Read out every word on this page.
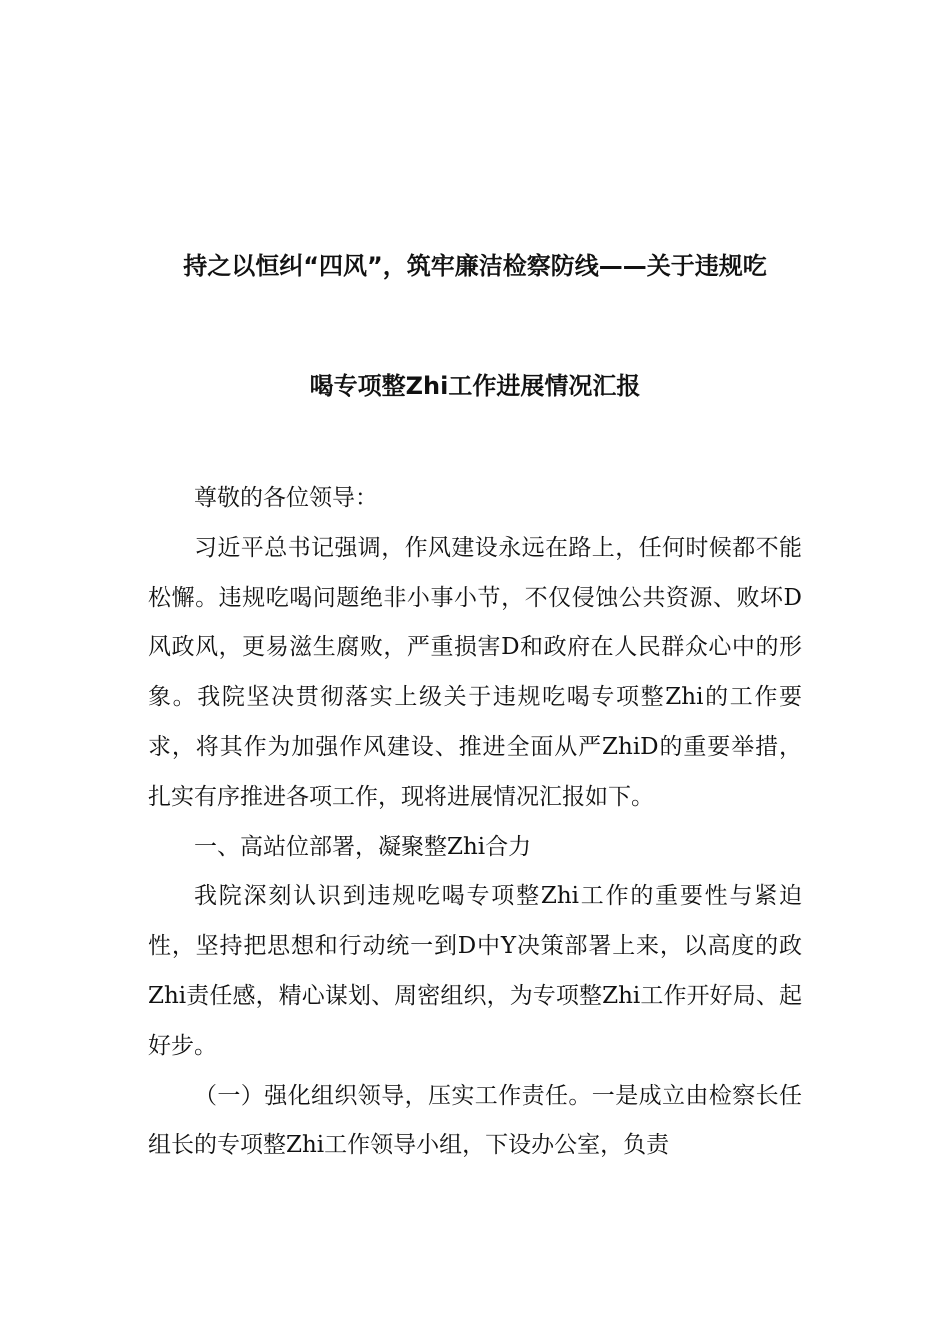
持之以恒纠“四风”，筑牢廉洁检察防线——关于违规吃
喝专项整Zhi工作进展情况汇报

尊敬的各位领导：

习近平总书记强调，作风建设永远在路上，任何时候都不能松懈。违规吃喝问题绝非小事小节，不仅侵蚀公共资源、败坏D风政风，更易滋生腐败，严重损害D和政府在人民群众心中的形象。我院坚决贯彻落实上级关于违规吃喝专项整Zhi的工作要求，将其作为加强作风建设、推进全面从严ZhiD的重要举措，扎实有序推进各项工作，现将进展情况汇报如下。

一、高站位部署，凝聚整Zhi合力

我院深刻认识到违规吃喝专项整Zhi工作的重要性与紧迫性，坚持把思想和行动统一到D中Y决策部署上来，以高度的政Zhi责任感，精心谋划、周密组织，为专项整Zhi工作开好局、起好步。

（一）强化组织领导，压实工作责任。一是成立由检察长任组长的专项整Zhi工作领导小组，下设办公室，负责
